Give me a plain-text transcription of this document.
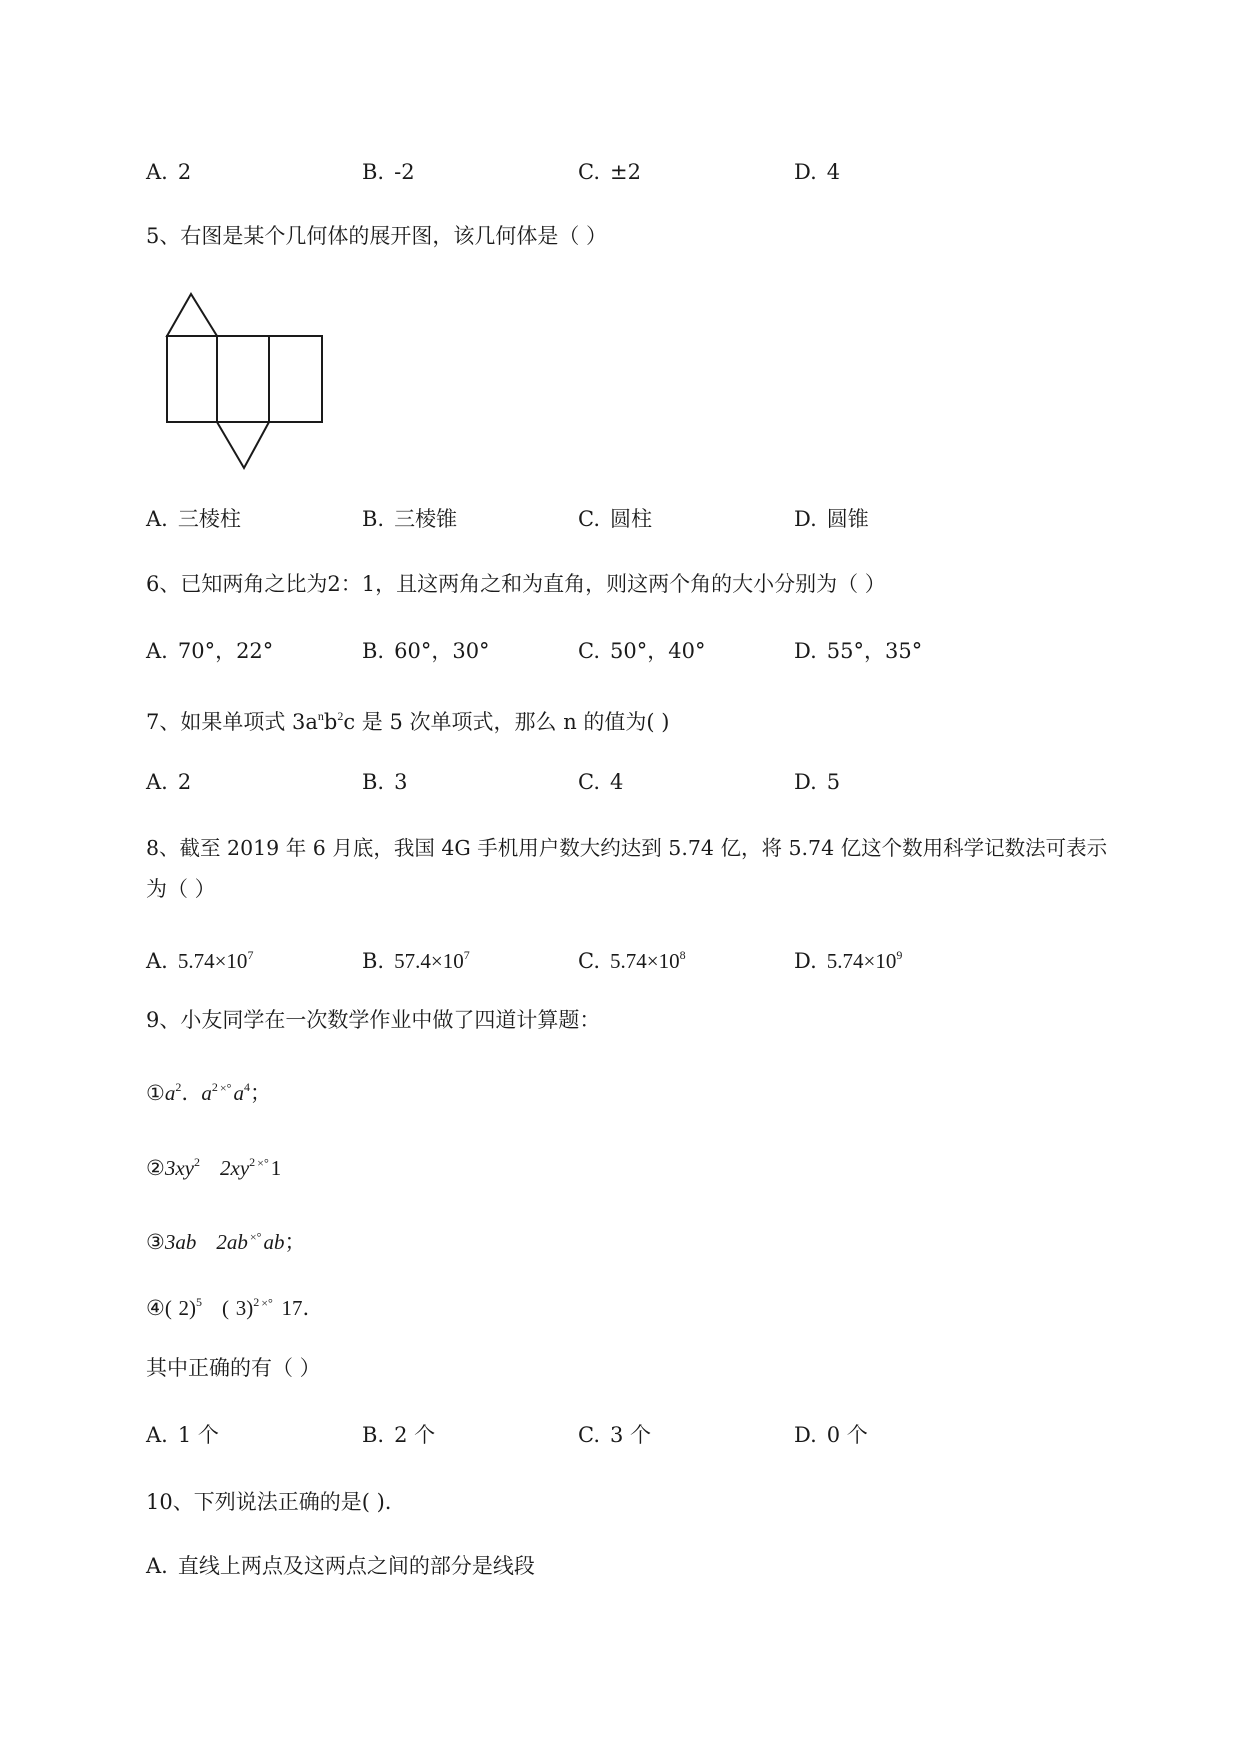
A. 2	B. -2	C. ±2	D. 4
5、右图是某个几何体的展开图，该几何体是（ ）
A. 三棱柱	B. 三棱锥	C. 圆柱	D. 圆锥
6、已知两角之比为2：1，且这两角之和为直角，则这两个角的大小分别为（ ）
A. 70°，22°	B. 60°，30°	C. 50°，40°	D. 55°，35°
7、如果单项式 $3a^nb^2c$ 是 5 次单项式，那么 n 的值为( )
A. 2	B. 3	C. 4	D. 5
8、截至 2019 年 6 月底，我国 4G 手机用户数大约达到 5.74 亿，将 5.74 亿这个数用科学记数法可表示
为（ ）
A. $5.74\times 10^7$	B. $57.4\times 10^7$	C. $5.74\times 10^8$	D. $5.74\times 10^9$
9、小友同学在一次数学作业中做了四道计算题：
$①a^2$. $a^2$ $^{\times^\circ}a^4$；
$②3xy^2$ $2xy^2$ ×°1
③3ab 2ab ×°ab；
④( 2)$^5$ ( 3)$^2$ ×° 17.
其中正确的有（ ）
A. 1 个	B. 2 个	C. 3 个	D. 0 个
10、下列说法正确的是( ).
A. 直线上两点及这两点之间的部分是线段
